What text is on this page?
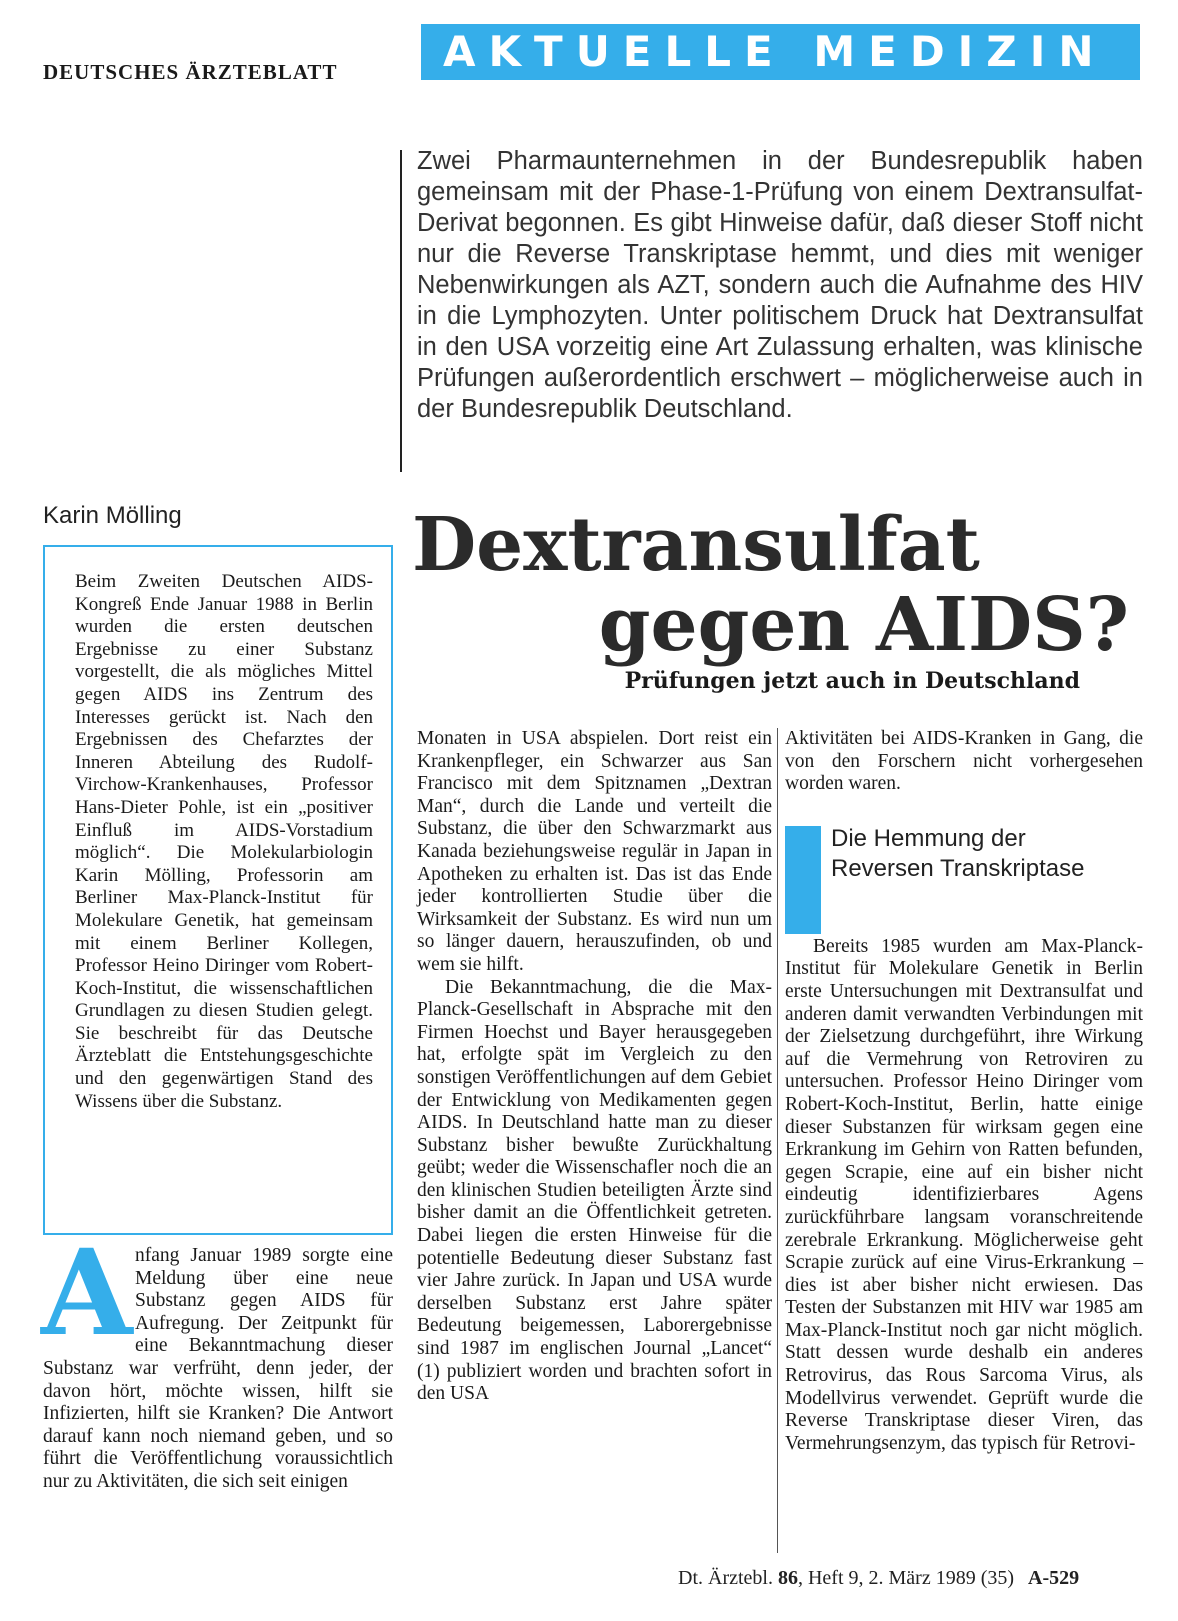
DEUTSCHES ÄRZTEBLATT	AKTUELLE MEDIZIN

Zwei Pharmaunternehmen in der Bundesrepublik haben gemeinsam mit der Phase-1-Prüfung von einem Dextransulfat-Derivat begonnen. Es gibt Hinweise dafür, daß dieser Stoff nicht nur die Reverse Transkriptase hemmt, und dies mit weniger Nebenwirkungen als AZT, sondern auch die Aufnahme des HIV in die Lymphozyten. Unter politischem Druck hat Dextransulfat in den USA vorzeitig eine Art Zulassung erhalten, was klinische Prüfungen außerordentlich erschwert – möglicherweise auch in der Bundesrepublik Deutschland.

Karin Mölling

Beim Zweiten Deutschen AIDS-Kongreß Ende Januar 1988 in Berlin wurden die ersten deutschen Ergebnisse zu einer Substanz vorgestellt, die als mögliches Mittel gegen AIDS ins Zentrum des Interesses gerückt ist. Nach den Ergebnissen des Chefarztes der Inneren Abteilung des Rudolf-Virchow-Krankenhauses, Professor Hans-Dieter Pohle, ist ein „positiver Einfluß im AIDS-Vorstadium möglich“. Die Molekularbiologin Karin Mölling, Professorin am Berliner Max-Planck-Institut für Molekulare Genetik, hat gemeinsam mit einem Berliner Kollegen, Professor Heino Diringer vom Robert-Koch-Institut, die wissenschaftlichen Grundlagen zu diesen Studien gelegt. Sie beschreibt für das Deutsche Ärzteblatt die Entstehungsgeschichte und den gegenwärtigen Stand des Wissens über die Substanz.

Dextransulfat
gegen AIDS?
Prüfungen jetzt auch in Deutschland

Anfang Januar 1989 sorgte eine Meldung über eine neue Substanz gegen AIDS für Aufregung. Der Zeitpunkt für eine Bekanntmachung dieser Substanz war verfrüht, denn jeder, der davon hört, möchte wissen, hilft sie Infizierten, hilft sie Kranken? Die Antwort darauf kann noch niemand geben, und so führt die Veröffentlichung voraussichtlich nur zu Aktivitäten, die sich seit einigen

Monaten in USA abspielen. Dort reist ein Krankenpfleger, ein Schwarzer aus San Francisco mit dem Spitznamen „Dextran Man“, durch die Lande und verteilt die Substanz, die über den Schwarzmarkt aus Kanada beziehungsweise regulär in Japan in Apotheken zu erhalten ist. Das ist das Ende jeder kontrollierten Studie über die Wirksamkeit der Substanz. Es wird nun um so länger dauern, herauszufinden, ob und wem sie hilft.

Die Bekanntmachung, die die Max-Planck-Gesellschaft in Absprache mit den Firmen Hoechst und Bayer herausgegeben hat, erfolgte spät im Vergleich zu den sonstigen Veröffentlichungen auf dem Gebiet der Entwicklung von Medikamenten gegen AIDS. In Deutschland hatte man zu dieser Substanz bisher bewußte Zurückhaltung geübt; weder die Wissenschafler noch die an den klinischen Studien beteiligten Ärzte sind bisher damit an die Öffentlichkeit getreten. Dabei liegen die ersten Hinweise für die potentielle Bedeutung dieser Substanz fast vier Jahre zurück. In Japan und USA wurde derselben Substanz erst Jahre später Bedeutung beigemessen, Laborergebnisse sind 1987 im englischen Journal „Lancet“ (1) publiziert worden und brachten sofort in den USA

Aktivitäten bei AIDS-Kranken in Gang, die von den Forschern nicht vorhergesehen worden waren.

Die Hemmung der
Reversen Transkriptase

Bereits 1985 wurden am Max-Planck-Institut für Molekulare Genetik in Berlin erste Untersuchungen mit Dextransulfat und anderen damit verwandten Verbindungen mit der Zielsetzung durchgeführt, ihre Wirkung auf die Vermehrung von Retroviren zu untersuchen. Professor Heino Diringer vom Robert-Koch-Institut, Berlin, hatte einige dieser Substanzen für wirksam gegen eine Erkrankung im Gehirn von Ratten befunden, gegen Scrapie, eine auf ein bisher nicht eindeutig identifizierbares Agens zurückführbare langsam voranschreitende zerebrale Erkrankung. Möglicherweise geht Scrapie zurück auf eine Virus-Erkrankung – dies ist aber bisher nicht erwiesen. Das Testen der Substanzen mit HIV war 1985 am Max-Planck-Institut noch gar nicht möglich. Statt dessen wurde deshalb ein anderes Retrovirus, das Rous Sarcoma Virus, als Modellvirus verwendet. Geprüft wurde die Reverse Transkriptase dieser Viren, das Vermehrungsenzym, das typisch für Retrovi-

Dt. Ärztebl. 86, Heft 9, 2. März 1989 (35) A-529
